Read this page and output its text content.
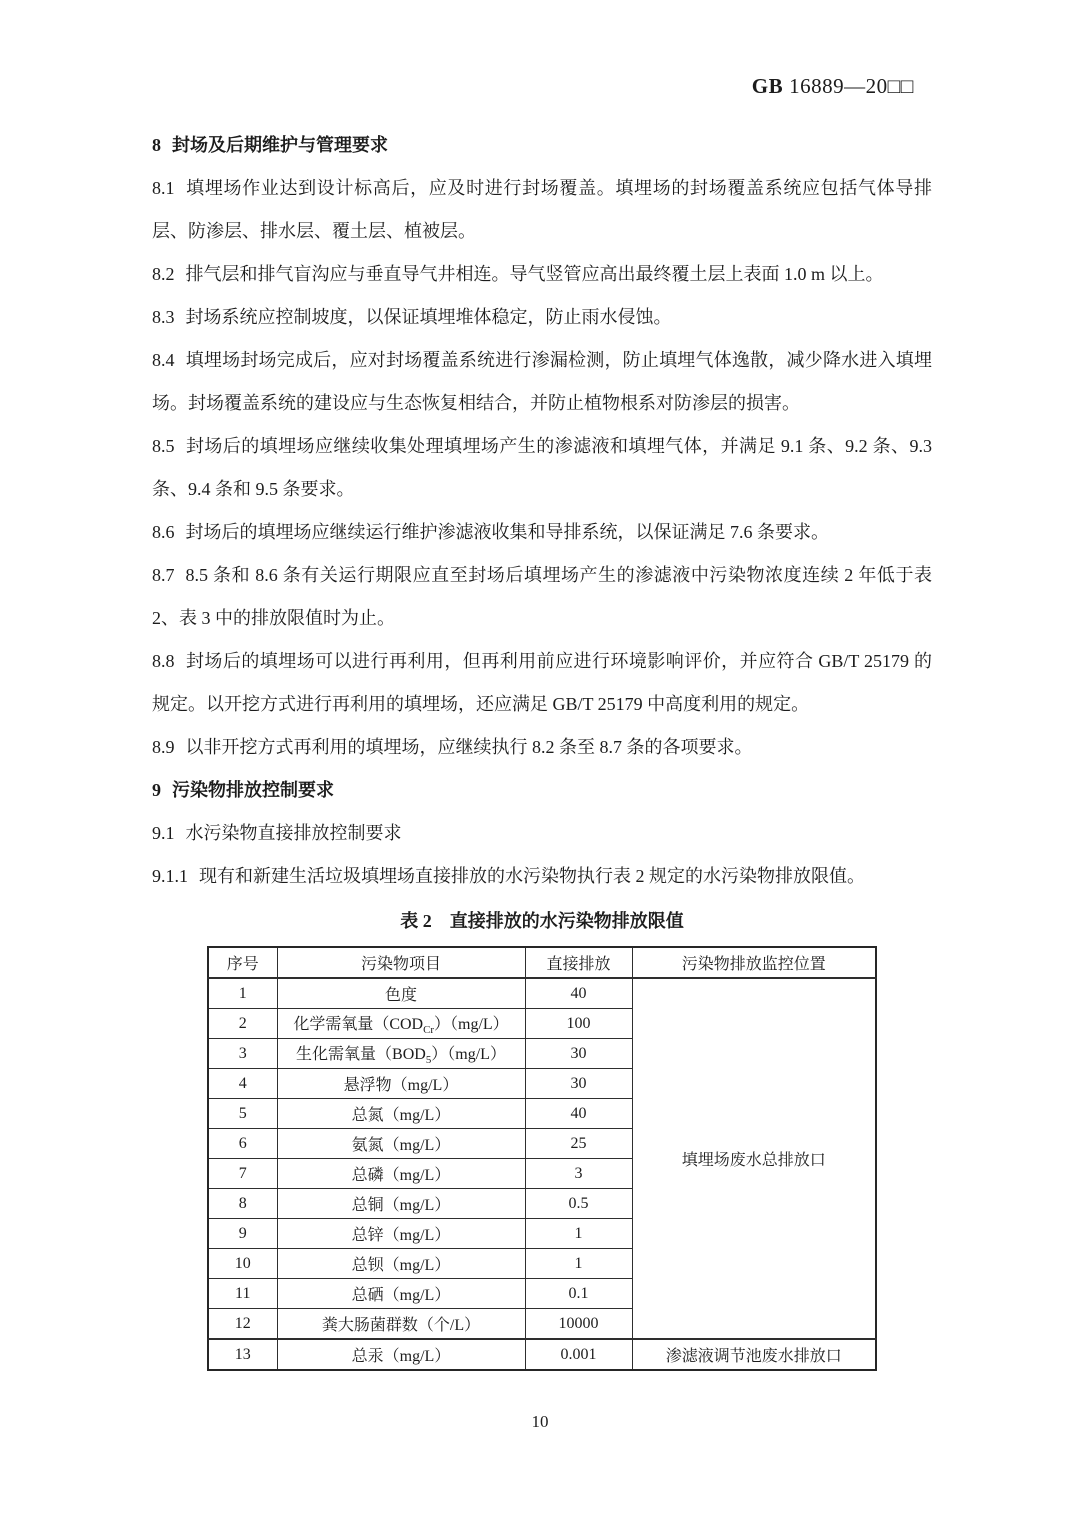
GB 16889—20□□

8 封场及后期维护与管理要求

8.1 填埋场作业达到设计标高后，应及时进行封场覆盖。填埋场的封场覆盖系统应包括气体导排层、防渗层、排水层、覆土层、植被层。

8.2 排气层和排气盲沟应与垂直导气井相连。导气竖管应高出最终覆土层上表面 1.0 m 以上。

8.3 封场系统应控制坡度，以保证填埋堆体稳定，防止雨水侵蚀。

8.4 填埋场封场完成后，应对封场覆盖系统进行渗漏检测，防止填埋气体逸散，减少降水进入填埋场。封场覆盖系统的建设应与生态恢复相结合，并防止植物根系对防渗层的损害。

8.5 封场后的填埋场应继续收集处理填埋场产生的渗滤液和填埋气体，并满足 9.1 条、9.2 条、9.3 条、9.4 条和 9.5 条要求。

8.6 封场后的填埋场应继续运行维护渗滤液收集和导排系统，以保证满足 7.6 条要求。

8.7 8.5 条和 8.6 条有关运行期限应直至封场后填埋场产生的渗滤液中污染物浓度连续 2 年低于表 2、表 3 中的排放限值时为止。

8.8 封场后的填埋场可以进行再利用，但再利用前应进行环境影响评价，并应符合 GB/T 25179 的规定。以开挖方式进行再利用的填埋场，还应满足 GB/T 25179 中高度利用的规定。

8.9 以非开挖方式再利用的填埋场，应继续执行 8.2 条至 8.7 条的各项要求。

9 污染物排放控制要求

9.1 水污染物直接排放控制要求

9.1.1 现有和新建生活垃圾填埋场直接排放的水污染物执行表 2 规定的水污染物排放限值。

表 2　直接排放的水污染物排放限值
序号	污染物项目	直接排放	污染物排放监控位置
1	色度	40	填埋场废水总排放口
2	化学需氧量$(COD_{Cr})(mg/L)$	100	
3	生化需氧量$(BOD_5)(mg/L)$	30	
4	悬浮物（mg/L）	30	
5	总氮（mg/L）	40	
6	氨氮（mg/L）	25	
7	总磷（mg/L）	3	
8	总铜（mg/L）	0.5	
9	总锌（mg/L）	1	
10	总钡（mg/L）	1	
11	总硒（mg/L）	0.1	
12	粪大肠菌群数（个/L）	10000	
13	总汞（mg/L）	0.001	渗滤液调节池废水排放口
10
